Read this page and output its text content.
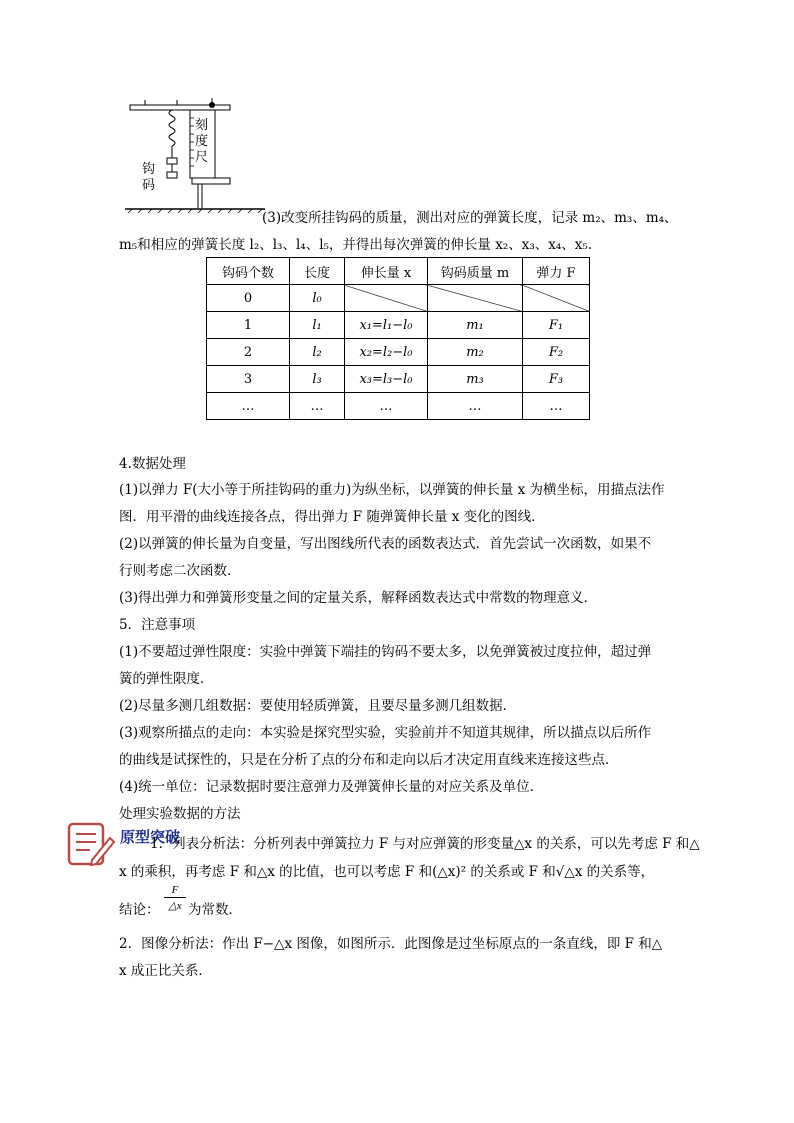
刻度尺
钩码
(3)改变所挂钩码的质量，测出对应的弹簧长度，记录 m₂、m₃、m₄、
m₅和相应的弹簧长度 l₂、l₃、l₄、l₅，并得出每次弹簧的伸长量 x₂、x₃、x₄、x₅.
钩码个数	长度	伸长量 x	钩码质量 m	弹力 F
0	l₀			
1	l₁	x₁=l₁−l₀	m₁	F₁
2	l₂	x₂=l₂−l₀	m₂	F₂
3	l₃	x₃=l₃−l₀	m₃	F₃
…	…	…	…	…
4.数据处理
(1)以弹力 F(大小等于所挂钩码的重力)为纵坐标，以弹簧的伸长量 x 为横坐标，用描点法作
图．用平滑的曲线连接各点，得出弹力 F 随弹簧伸长量 x 变化的图线．
(2)以弹簧的伸长量为自变量，写出图线所代表的函数表达式．首先尝试一次函数，如果不
行则考虑二次函数．
(3)得出弹力和弹簧形变量之间的定量关系，解释函数表达式中常数的物理意义．
5．注意事项
(1)不要超过弹性限度：实验中弹簧下端挂的钩码不要太多，以免弹簧被过度拉伸，超过弹
簧的弹性限度．
(2)尽量多测几组数据：要使用轻质弹簧，且要尽量多测几组数据．
(3)观察所描点的走向：本实验是探究型实验，实验前并不知道其规律，所以描点以后所作
的曲线是试探性的，只是在分析了点的分布和走向以后才决定用直线来连接这些点．
(4)统一单位：记录数据时要注意弹力及弹簧伸长量的对应关系及单位．
处理实验数据的方法
原型突破
1．列表分析法：分析列表中弹簧拉力 F 与对应弹簧的形变量△x 的关系，可以先考虑 F 和△
x 的乘积，再考虑 F 和△x 的比值，也可以考虑 F 和(△x)² 的关系或 F 和√△x 的关系等，
结论：
F
△x 为常数．
2．图像分析法：作出 F−△x 图像，如图所示．此图像是过坐标原点的一条直线，即 F 和△
x 成正比关系．
